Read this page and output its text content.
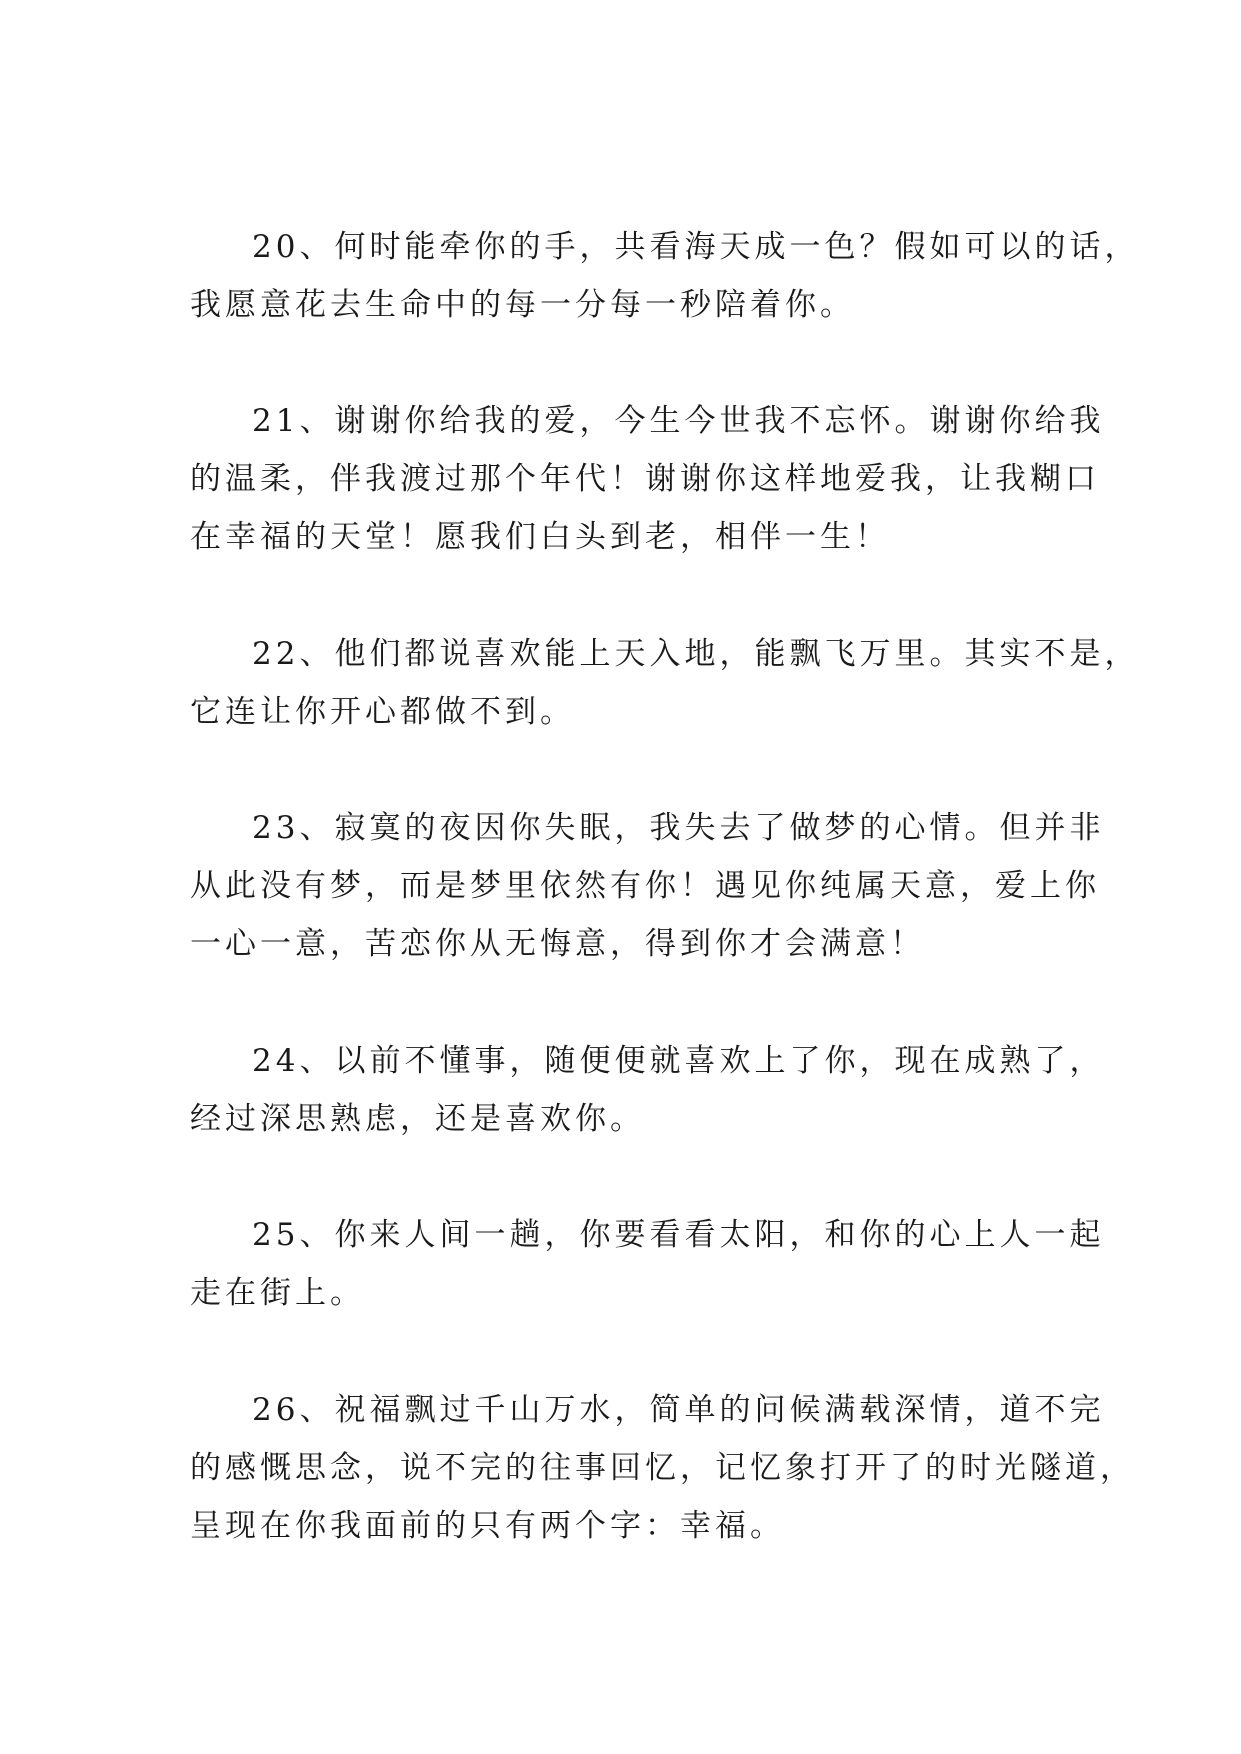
20、何时能牵你的手，共看海天成一色？假如可以的话，
我愿意花去生命中的每一分每一秒陪着你。

21、谢谢你给我的爱，今生今世我不忘怀。谢谢你给我
的温柔，伴我渡过那个年代！谢谢你这样地爱我，让我糊口
在幸福的天堂！愿我们白头到老，相伴一生！

22、他们都说喜欢能上天入地，能飘飞万里。其实不是，
它连让你开心都做不到。

23、寂寞的夜因你失眠，我失去了做梦的心情。但并非
从此没有梦，而是梦里依然有你！遇见你纯属天意，爱上你
一心一意，苦恋你从无悔意，得到你才会满意！

24、以前不懂事，随便便就喜欢上了你，现在成熟了，
经过深思熟虑，还是喜欢你。

25、你来人间一趟，你要看看太阳，和你的心上人一起
走在街上。

26、祝福飘过千山万水，简单的问候满载深情，道不完
的感慨思念，说不完的往事回忆，记忆象打开了的时光隧道，
呈现在你我面前的只有两个字：幸福。
